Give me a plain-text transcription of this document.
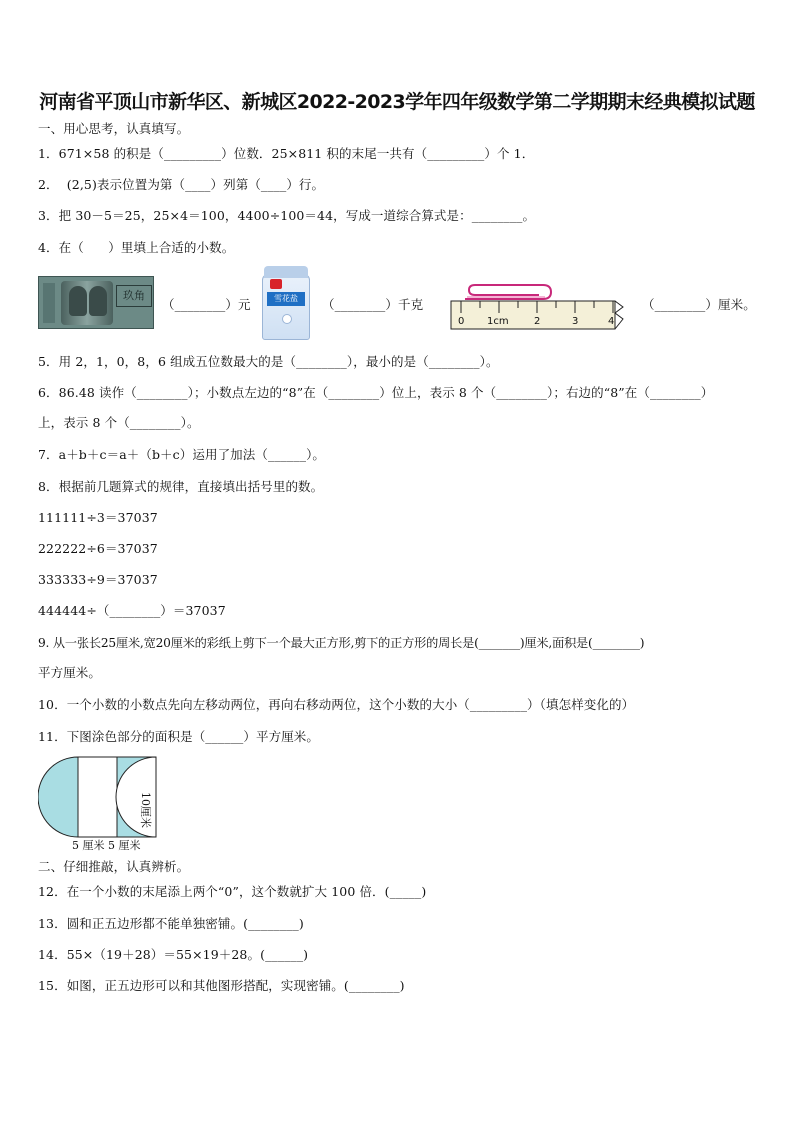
河南省平顶山市新华区、新城区2022-2023学年四年级数学第二学期期末经典模拟试题
一、用心思考，认真填写。
1．671×58 的积是（_________）位数．25×811 积的末尾一共有（_________）个 1．
2．  (2,5)表示位置为第（____）列第（____）行。
3．把 30－5＝25，25×4＝100，4400÷100＝44，写成一道综合算式是：________。
4．在（      ）里填上合适的小数。
玖角
（________）元	雪花盐	（________）千克
0 1cm	2	3	4
（________）厘米。
5．用 2，1，0，8，6 组成五位数最大的是（________），最小的是（________）。
6．86.48 读作（________）；小数点左边的“8”在（________）位上，表示 8 个（________）；右边的“8”在（________）
上，表示 8 个（________）。
7．a＋b＋c＝a＋（b＋c）运用了加法（______）。
8．根据前几题算式的规律，直接填出括号里的数。
111111÷3＝37037
222222÷6＝37037
333333÷9＝37037
444444÷（________）＝37037
9. 从一张长25厘米,宽20厘米的彩纸上剪下一个最大正方形,剪下的正方形的周长是(_______)厘米,面积是(________)
平方厘米。
10．一个小数的小数点先向左移动两位，再向右移动两位，这个小数的大小（_________）（填怎样变化的）
11．下图涂色部分的面积是（______）平方厘米。
5 厘米 5 厘米
10厘米
二、仔细推敲，认真辨析。
12．在一个小数的末尾添上两个“0”，这个数就扩大 100 倍．(_____)
13．圆和正五边形都不能单独密铺。(________)
14．55×（19＋28）＝55×19＋28。(______)
15．如图，正五边形可以和其他图形搭配，实现密铺。(________)
